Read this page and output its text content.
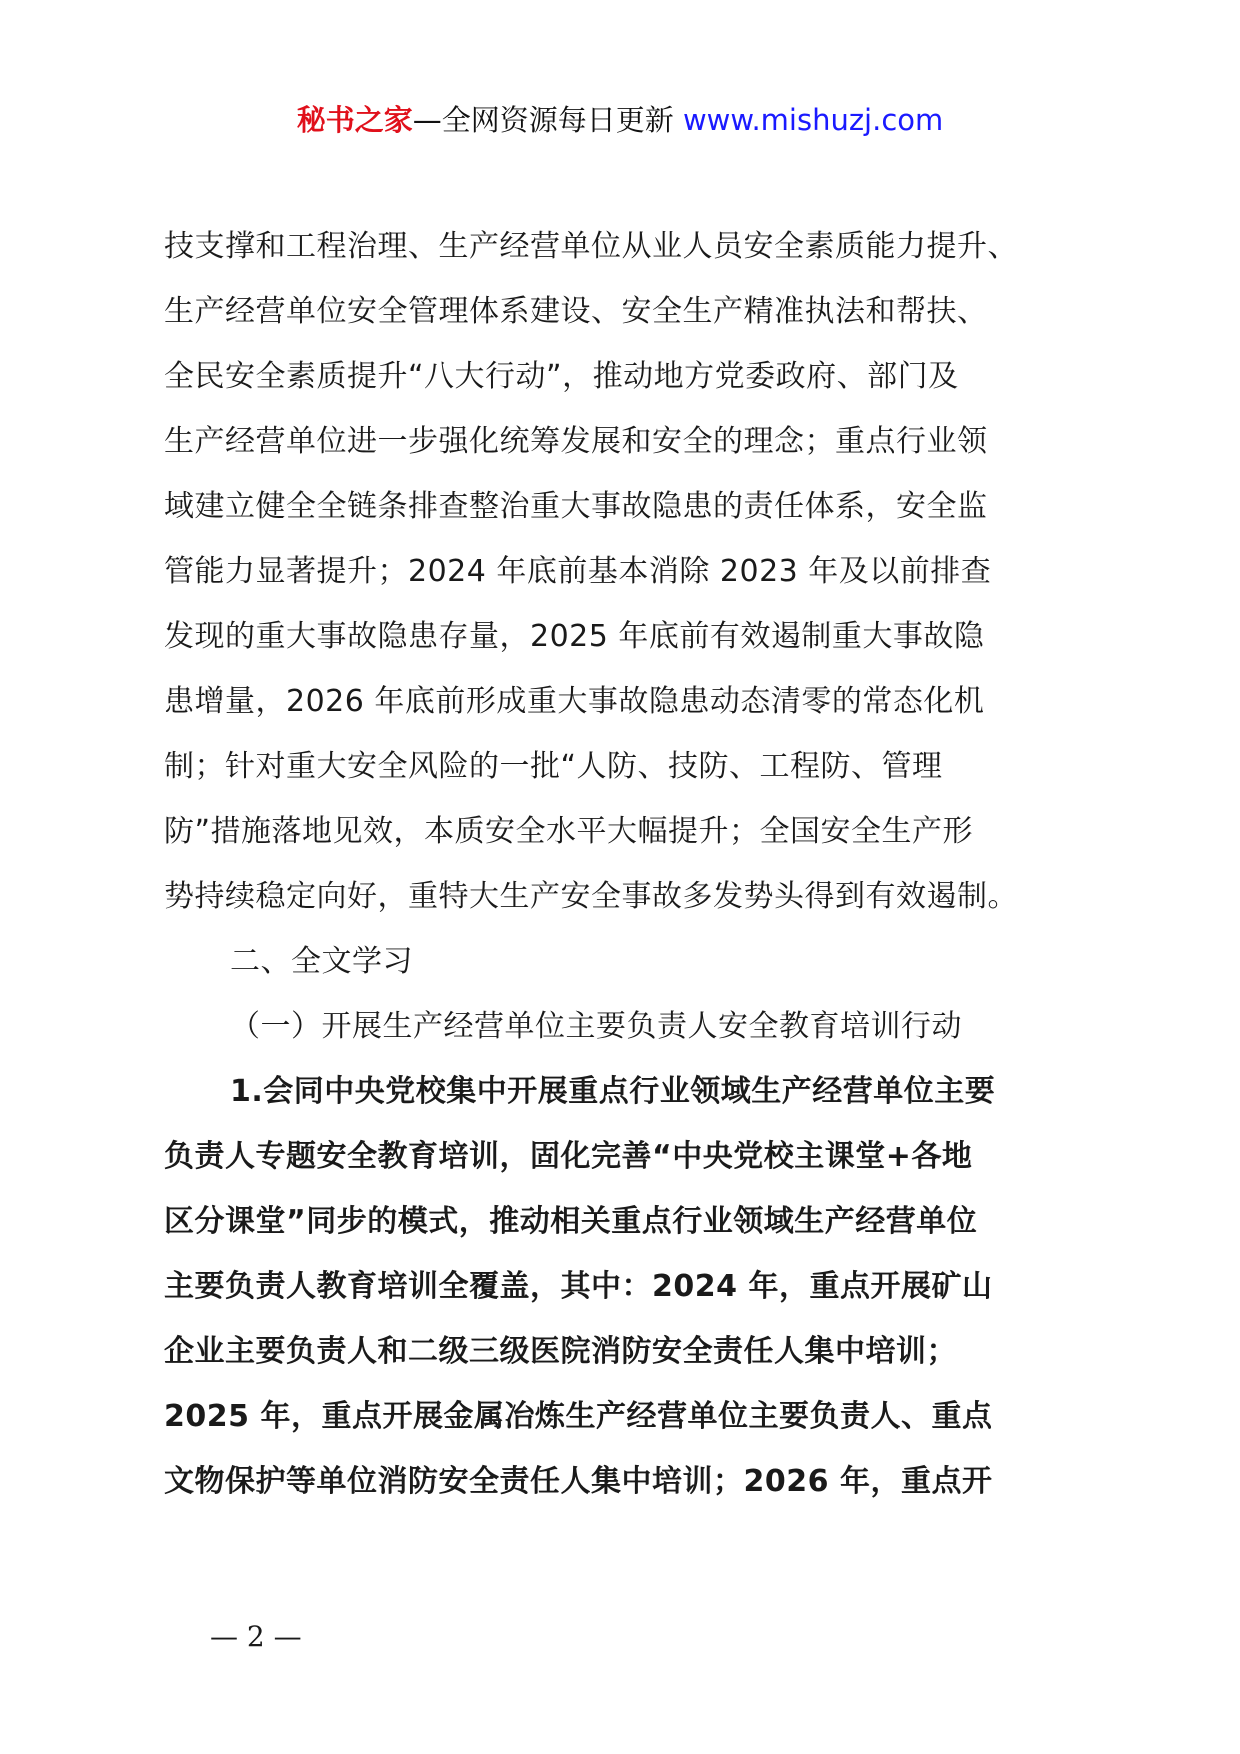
秘书之家—全网资源每日更新 www.mishuzj.com
技支撑和工程治理、生产经营单位从业人员安全素质能力提升、
生产经营单位安全管理体系建设、安全生产精准执法和帮扶、
全民安全素质提升“八大行动”，推动地方党委政府、部门及
生产经营单位进一步强化统筹发展和安全的理念；重点行业领
域建立健全全链条排查整治重大事故隐患的责任体系，安全监
管能力显著提升；2024 年底前基本消除 2023 年及以前排查
发现的重大事故隐患存量，2025 年底前有效遏制重大事故隐
患增量，2026 年底前形成重大事故隐患动态清零的常态化机
制；针对重大安全风险的一批“人防、技防、工程防、管理
防”措施落地见效，本质安全水平大幅提升；全国安全生产形
势持续稳定向好，重特大生产安全事故多发势头得到有效遏制。
二、全文学习
（一）开展生产经营单位主要负责人安全教育培训行动
1.会同中央党校集中开展重点行业领域生产经营单位主要
负责人专题安全教育培训，固化完善“中央党校主课堂+各地
区分课堂”同步的模式，推动相关重点行业领域生产经营单位
主要负责人教育培训全覆盖，其中：2024 年，重点开展矿山
企业主要负责人和二级三级医院消防安全责任人集中培训；
2025 年，重点开展金属冶炼生产经营单位主要负责人、重点
文物保护等单位消防安全责任人集中培训；2026 年，重点开
— 2 —
